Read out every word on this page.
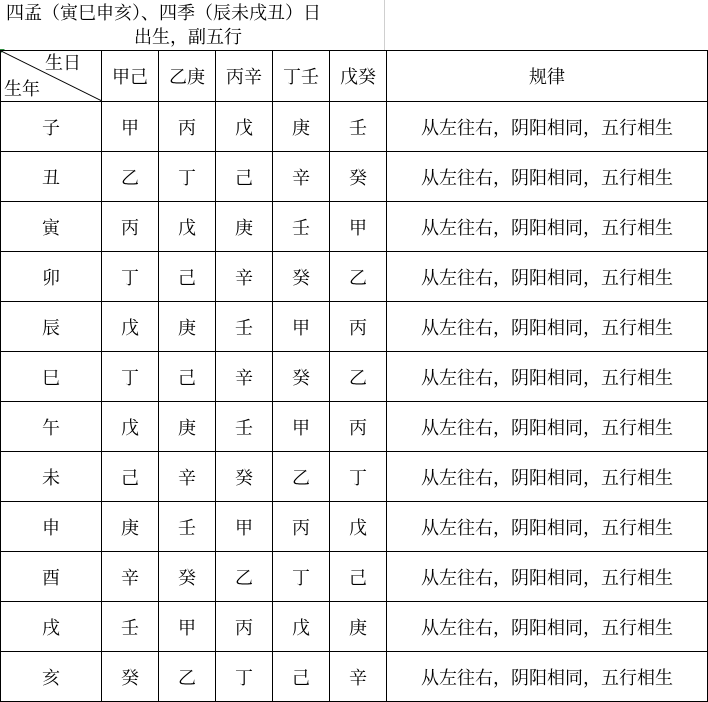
四孟（寅巳申亥）、四季（辰未戌丑）日
出生，副五行
生日
生年	甲己	乙庚	丙辛	丁壬	戊癸	规律
子	甲	丙	戊	庚	壬	从左往右，阴阳相同，五行相生
丑	乙	丁	己	辛	癸	从左往右，阴阳相同，五行相生
寅	丙	戊	庚	壬	甲	从左往右，阴阳相同，五行相生
卯	丁	己	辛	癸	乙	从左往右，阴阳相同，五行相生
辰	戊	庚	壬	甲	丙	从左往右，阴阳相同，五行相生
巳	丁	己	辛	癸	乙	从左往右，阴阳相同，五行相生
午	戊	庚	壬	甲	丙	从左往右，阴阳相同，五行相生
未	己	辛	癸	乙	丁	从左往右，阴阳相同，五行相生
申	庚	壬	甲	丙	戊	从左往右，阴阳相同，五行相生
酉	辛	癸	乙	丁	己	从左往右，阴阳相同，五行相生
戌	壬	甲	丙	戊	庚	从左往右，阴阳相同，五行相生
亥	癸	乙	丁	己	辛	从左往右，阴阳相同，五行相生
